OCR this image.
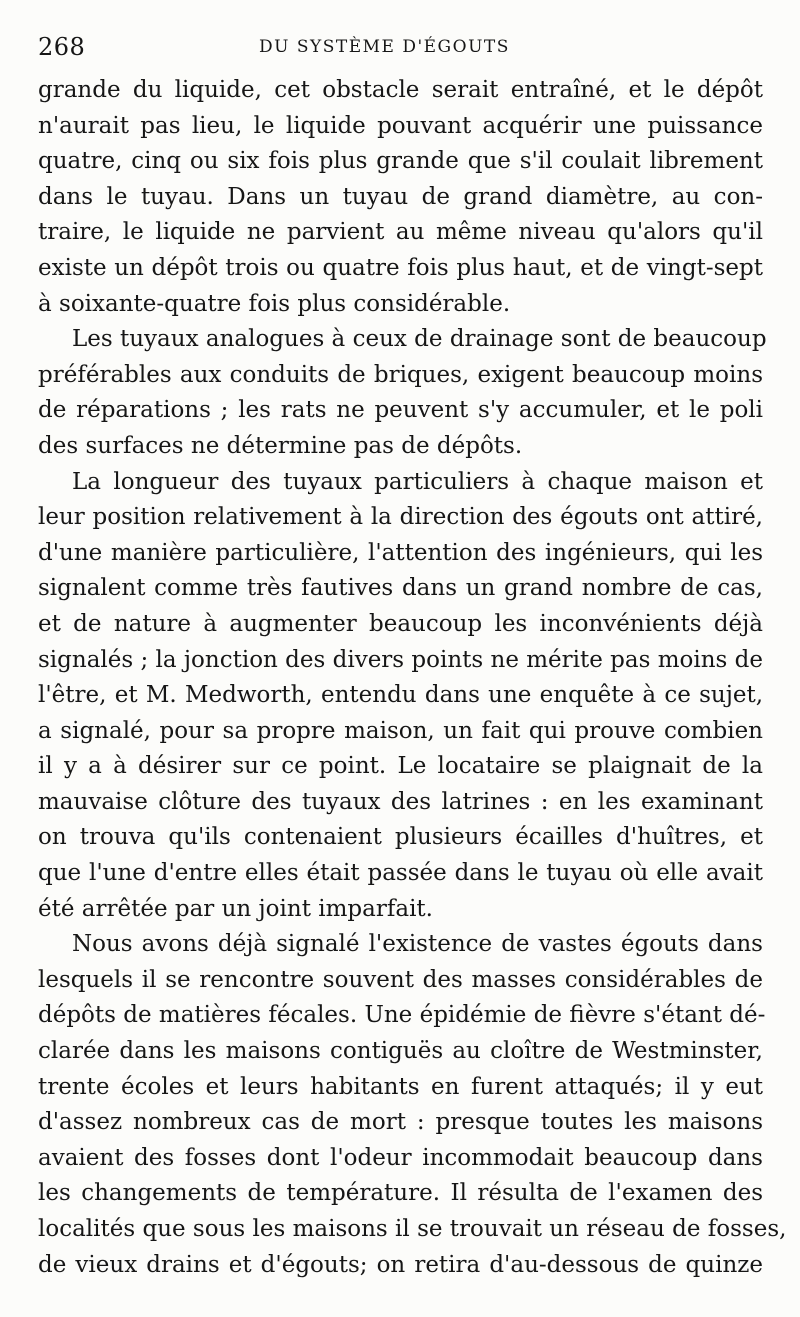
268	DU SYSTÈME D'ÉGOUTS
grande du liquide, cet obstacle serait entraîné, et le dépôt
n'aurait pas lieu, le liquide pouvant acquérir une puissance
quatre, cinq ou six fois plus grande que s'il coulait librement
dans le tuyau. Dans un tuyau de grand diamètre, au con-
traire, le liquide ne parvient au même niveau qu'alors qu'il
existe un dépôt trois ou quatre fois plus haut, et de vingt-sept
à soixante-quatre fois plus considérable.
Les tuyaux analogues à ceux de drainage sont de beaucoup
préférables aux conduits de briques, exigent beaucoup moins
de réparations ; les rats ne peuvent s'y accumuler, et le poli
des surfaces ne détermine pas de dépôts.
La longueur des tuyaux particuliers à chaque maison et
leur position relativement à la direction des égouts ont attiré,
d'une manière particulière, l'attention des ingénieurs, qui les
signalent comme très fautives dans un grand nombre de cas,
et de nature à augmenter beaucoup les inconvénients déjà
signalés ; la jonction des divers points ne mérite pas moins de
l'être, et M. Medworth, entendu dans une enquête à ce sujet,
a signalé, pour sa propre maison, un fait qui prouve combien
il y a à désirer sur ce point. Le locataire se plaignait de la
mauvaise clôture des tuyaux des latrines : en les examinant
on trouva qu'ils contenaient plusieurs écailles d'huîtres, et
que l'une d'entre elles était passée dans le tuyau où elle avait
été arrêtée par un joint imparfait.
Nous avons déjà signalé l'existence de vastes égouts dans
lesquels il se rencontre souvent des masses considérables de
dépôts de matières fécales. Une épidémie de fièvre s'étant dé-
clarée dans les maisons contiguës au cloître de Westminster,
trente écoles et leurs habitants en furent attaqués; il y eut
d'assez nombreux cas de mort : presque toutes les maisons
avaient des fosses dont l'odeur incommodait beaucoup dans
les changements de température. Il résulta de l'examen des
localités que sous les maisons il se trouvait un réseau de fosses,
de vieux drains et d'égouts; on retira d'au-dessous de quinze
